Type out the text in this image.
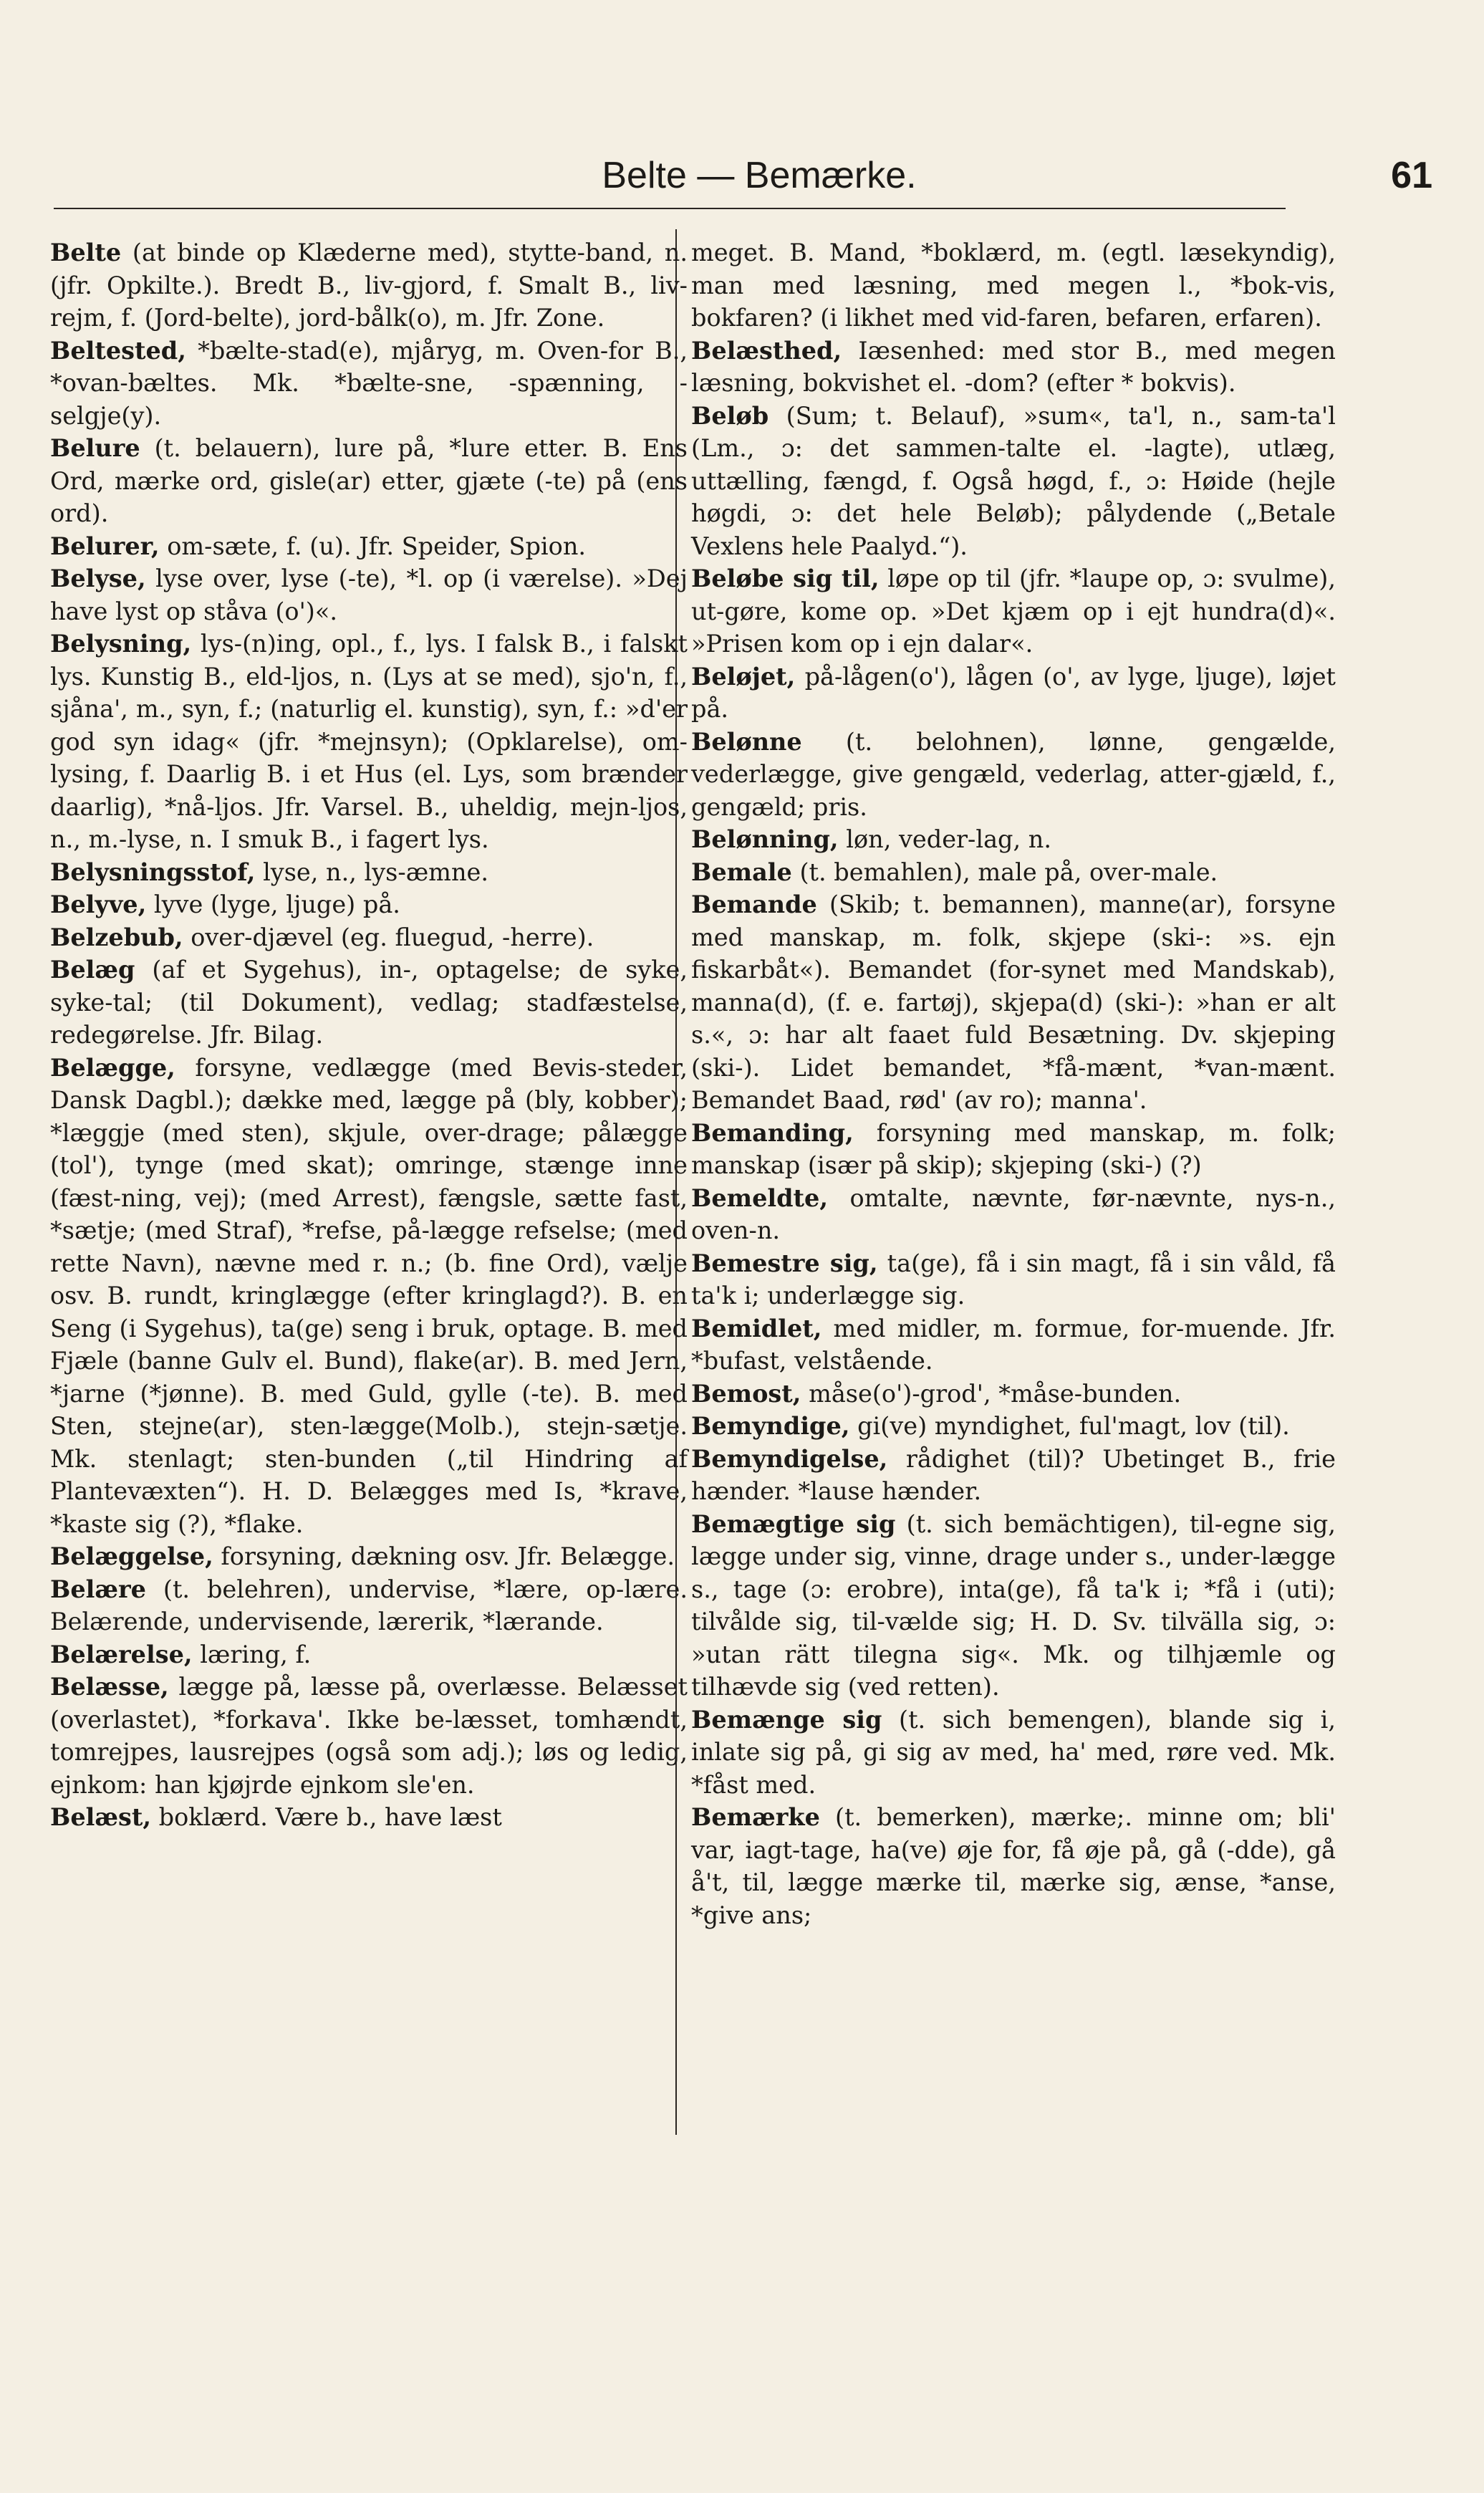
Belte — Bemærke.	61
Belte (at binde op Klæderne med), stytte-band, n. (jfr. Opkilte.). Bredt B., liv-gjord, f. Smalt B., liv-rejm, f. (Jord-belte), jord-bålk(o), m. Jfr. Zone.
Beltested, *bælte-stad(e), mjåryg, m. Oven-for B., *ovan-bæltes. Mk. *bælte-sne, -spænning, -selgje(y).
Belure (t. belauern), lure på, *lure etter. B. Ens Ord, mærke ord, gisle(ar) etter, gjæte (-te) på (ens ord).
Belurer, om-sæte, f. (u). Jfr. Speider, Spion.
Belyse, lyse over, lyse (-te), *l. op (i værelse). »Dej have lyst op ståva (o')«.
Belysning, lys-(n)ing, opl., f., lys. I falsk B., i falskt lys. Kunstig B., eld-ljos, n. (Lys at se med), sjo'n, f., sjåna', m., syn, f.; (naturlig el. kunstig), syn, f.: »d'er god syn idag« (jfr. *mejnsyn); (Opklarelse), om-lysing, f. Daarlig B. i et Hus (el. Lys, som brænder daarlig), *nå-ljos. Jfr. Varsel. B., uheldig, mejn-ljos, n., m.-lyse, n. I smuk B., i fagert lys.
Belysningsstof, lyse, n., lys-æmne.
Belyve, lyve (lyge, ljuge) på.
Belzebub, over-djævel (eg. fluegud, -herre).
Belæg (af et Sygehus), in-, optagelse; de syke, syke-tal; (til Dokument), vedlag; stadfæstelse, redegørelse. Jfr. Bilag.
Belægge, forsyne, vedlægge (med Bevis-steder, Dansk Dagbl.); dække med, lægge på (bly, kobber); *læggje (med sten), skjule, over-drage; pålægge (tol'), tynge (med skat); omringe, stænge inne (fæst-ning, vej); (med Arrest), fængsle, sætte fast, *sætje; (med Straf), *refse, på-lægge refselse; (med rette Navn), nævne med r. n.; (b. fine Ord), vælje osv. B. rundt, kringlægge (efter kringlagd?). B. en Seng (i Sygehus), ta(ge) seng i bruk, optage. B. med Fjæle (banne Gulv el. Bund), flake(ar). B. med Jern, *jarne (*jønne). B. med Guld, gylle (-te). B. med Sten, stejne(ar), sten-lægge(Molb.), stejn-sætje. Mk. stenlagt; sten-bunden („til Hindring af Plantevæxten“). H. D. Belægges med Is, *krave, *kaste sig (?), *flake.
Belæggelse, forsyning, dækning osv. Jfr. Belægge.
Belære (t. belehren), undervise, *lære, op-lære. Belærende, undervisende, lærerik, *lærande.
Belærelse, læring, f.
Belæsse, lægge på, læsse på, overlæsse. Belæsset (overlastet), *forkava'. Ikke be-læsset, tomhændt, tomrejpes, lausrejpes (også som adj.); løs og ledig, ejnkom: han kjøjrde ejnkom sle'en.
Belæst, boklærd. Være b., have læst
meget. B. Mand, *boklærd, m. (egtl. læsekyndig), man med læsning, med megen l., *bok-vis, bokfaren? (i likhet med vid-faren, befaren, erfaren).
Belæsthed, Iæsenhed: med stor B., med megen læsning, bokvishet el. -dom? (efter * bokvis).
Beløb (Sum; t. Belauf), »sum«, ta'l, n., sam-ta'l (Lm., ɔ: det sammen-talte el. -lagte), utlæg, uttælling, fængd, f. Også høgd, f., ɔ: Høide (hejle høgdi, ɔ: det hele Beløb); pålydende („Betale Vexlens hele Paalyd.“).
Beløbe sig til, løpe op til (jfr. *laupe op, ɔ: svulme), ut-gøre, kome op. »Det kjæm op i ejt hundra(d)«. »Prisen kom op i ejn dalar«.
Beløjet, på-lågen(o'), lågen (o', av lyge, ljuge), løjet på.
Belønne (t. belohnen), lønne, gengælde, vederlægge, give gengæld, vederlag, atter-gjæld, f., gengæld; pris.
Belønning, løn, veder-lag, n.
Bemale (t. bemahlen), male på, over-male.
Bemande (Skib; t. bemannen), manne(ar), forsyne med manskap, m. folk, skjepe (ski-: »s. ejn fiskarbåt«). Bemandet (for-synet med Mandskab), manna(d), (f. e. fartøj), skjepa(d) (ski-): »han er alt s.«, ɔ: har alt faaet fuld Besætning. Dv. skjeping (ski-). Lidet bemandet, *få-mænt, *van-mænt. Bemandet Baad, rød' (av ro); manna'.
Bemanding, forsyning med manskap, m. folk; manskap (især på skip); skjeping (ski-) (?)
Bemeldte, omtalte, nævnte, før-nævnte, nys-n., oven-n.
Bemestre sig, ta(ge), få i sin magt, få i sin våld, få ta'k i; underlægge sig.
Bemidlet, med midler, m. formue, for-muende. Jfr. *bufast, velstående.
Bemost, måse(o')-grod', *måse-bunden.
Bemyndige, gi(ve) myndighet, ful'magt, lov (til).
Bemyndigelse, rådighet (til)? Ubetinget B., frie hænder. *lause hænder.
Bemægtige sig (t. sich bemächtigen), til-egne sig, lægge under sig, vinne, drage under s., under-lægge s., tage (ɔ: erobre), inta(ge), få ta'k i; *få i (uti); tilvålde sig, til-vælde sig; H. D. Sv. tilvälla sig, ɔ: »utan rätt tilegna sig«. Mk. og tilhjæmle og tilhævde sig (ved retten).
Bemænge sig (t. sich bemengen), blande sig i, inlate sig på, gi sig av med, ha' med, røre ved. Mk. *fåst med.
Bemærke (t. bemerken), mærke;. minne om; bli' var, iagt-tage, ha(ve) øje for, få øje på, gå (-dde), gå å't, til, lægge mærke til, mærke sig, ænse, *anse, *give ans;
